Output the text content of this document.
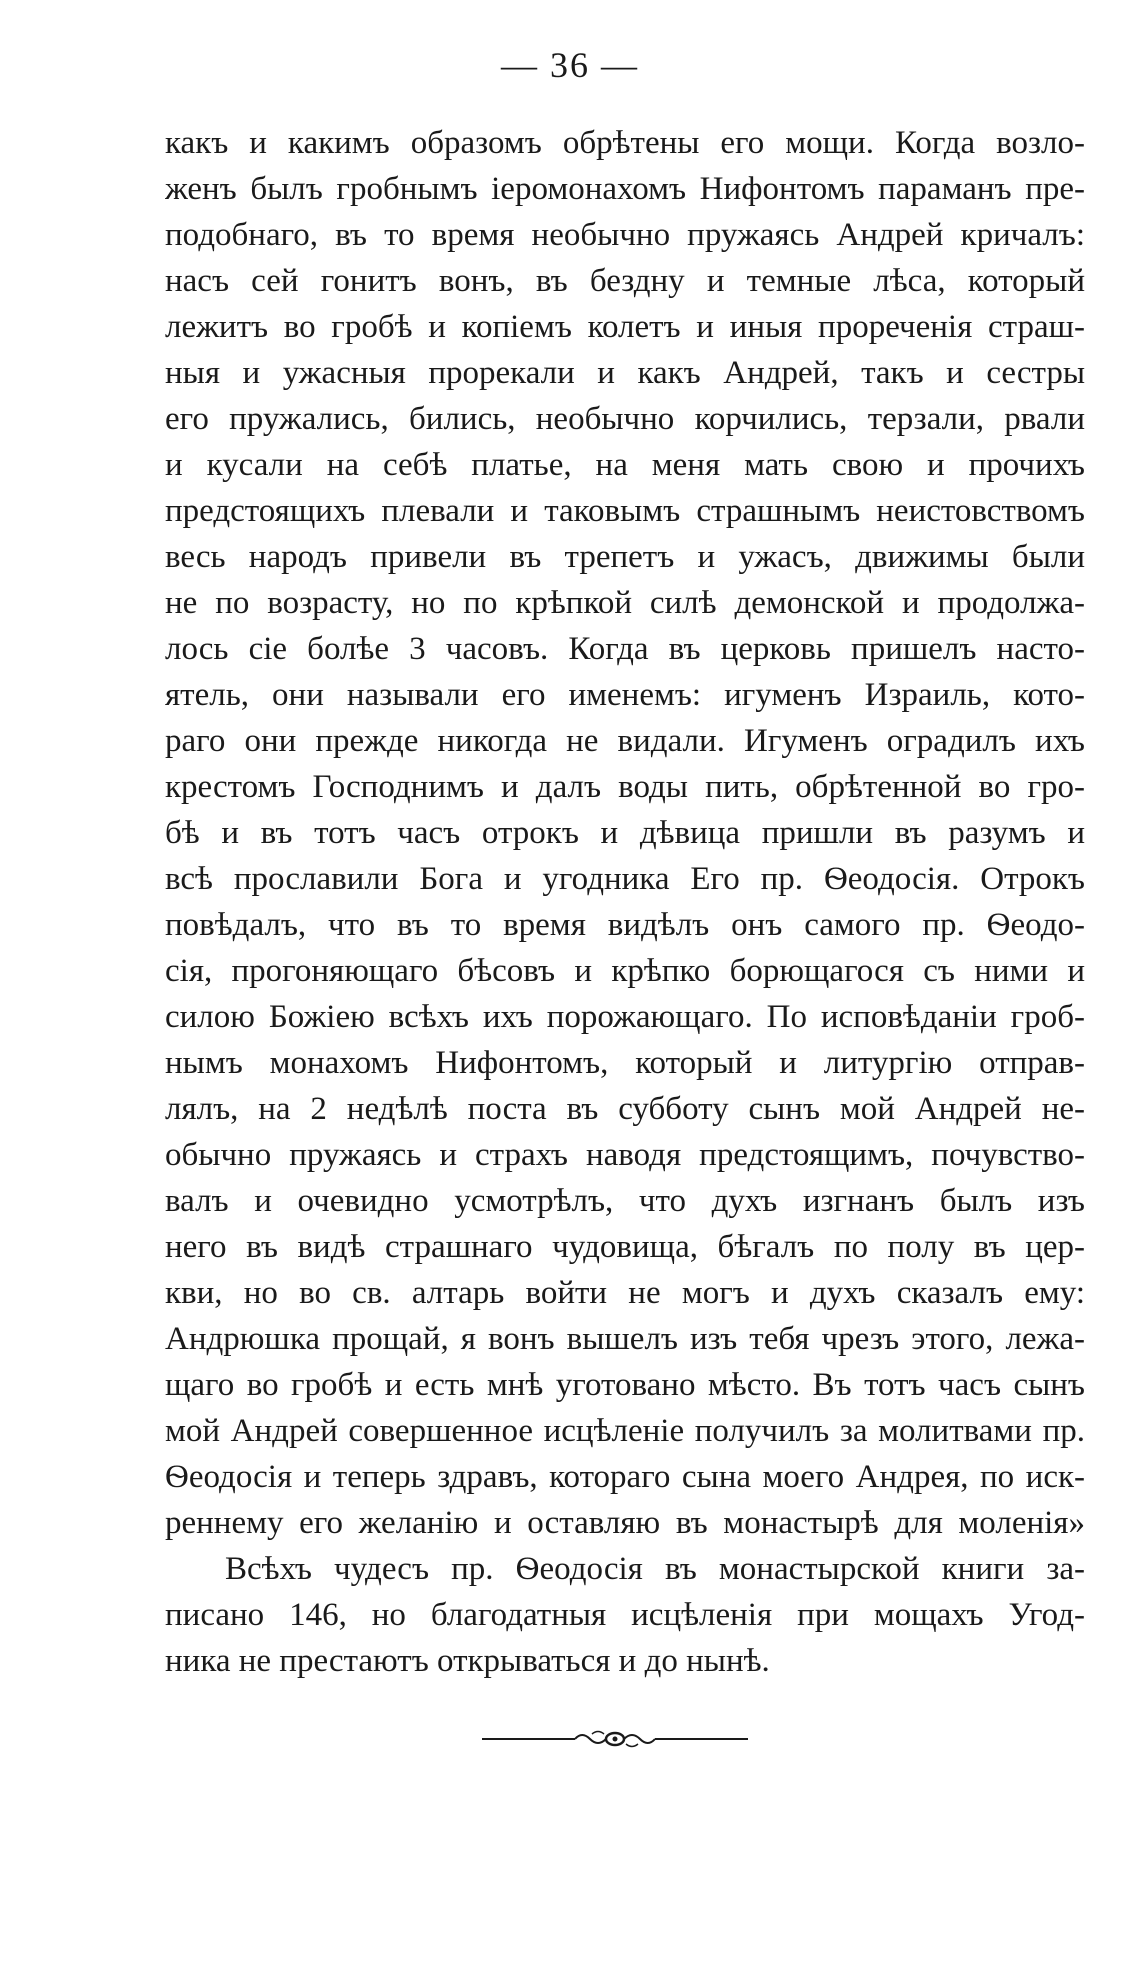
— 36 —
какъ и какимъ образомъ обрѣтены его мощи. Когда возло-
женъ былъ гробнымъ іеромонахомъ Нифонтомъ параманъ пре-
подобнаго, въ то время необычно пружаясь Андрей кричалъ:
насъ сей гонитъ вонъ, въ бездну и темные лѣса, который
лежитъ во гробѣ и копіемъ колетъ и иныя прореченія страш-
ныя и ужасныя прорекали и какъ Андрей, такъ и сестры
его пружались, бились, необычно корчились, терзали, рвали
и кусали на себѣ платье, на меня мать свою и прочихъ
предстоящихъ плевали и таковымъ страшнымъ неистовствомъ
весь народъ привели въ трепетъ и ужасъ, движимы были
не по возрасту, но по крѣпкой силѣ демонской и продолжа-
лось сіе болѣе 3 часовъ. Когда въ церковь пришелъ насто-
ятель, они называли его именемъ: игуменъ Израиль, кото-
раго они прежде никогда не видали. Игуменъ оградилъ ихъ
крестомъ Господнимъ и далъ воды пить, обрѣтенной во гро-
бѣ и въ тотъ часъ отрокъ и дѣвица пришли въ разумъ и
всѣ прославили Бога и угодника Его пр. Ѳеодосія. Отрокъ
повѣдалъ, что въ то время видѣлъ онъ самого пр. Ѳеодо-
сія, прогоняющаго бѣсовъ и крѣпко борющагося съ ними и
силою Божіею всѣхъ ихъ порожающаго. По исповѣданіи гроб-
нымъ монахомъ Нифонтомъ, который и литургію отправ-
лялъ, на 2 недѣлѣ поста въ субботу сынъ мой Андрей не-
обычно пружаясь и страхъ наводя предстоящимъ, почувство-
валъ и очевидно усмотрѣлъ, что духъ изгнанъ былъ изъ
него въ видѣ страшнаго чудовища, бѣгалъ по полу въ цер-
кви, но во св. алтарь войти не могъ и духъ сказалъ ему:
Андрюшка прощай, я вонъ вышелъ изъ тебя чрезъ этого, лежа-
щаго во гробѣ и есть мнѣ уготовано мѣсто. Въ тотъ часъ сынъ
мой Андрей совершенное исцѣленіе получилъ за молитвами пр.
Ѳеодосія и теперь здравъ, котораго сына моего Андрея, по иск-
реннему его желанію и оставляю въ монастырѣ для моленія»
Всѣхъ чудесъ пр. Ѳеодосія въ монастырской книги за-
писано 146, но благодатныя исцѣленія при мощахъ Угод-
ника не престаютъ открываться и до нынѣ.
